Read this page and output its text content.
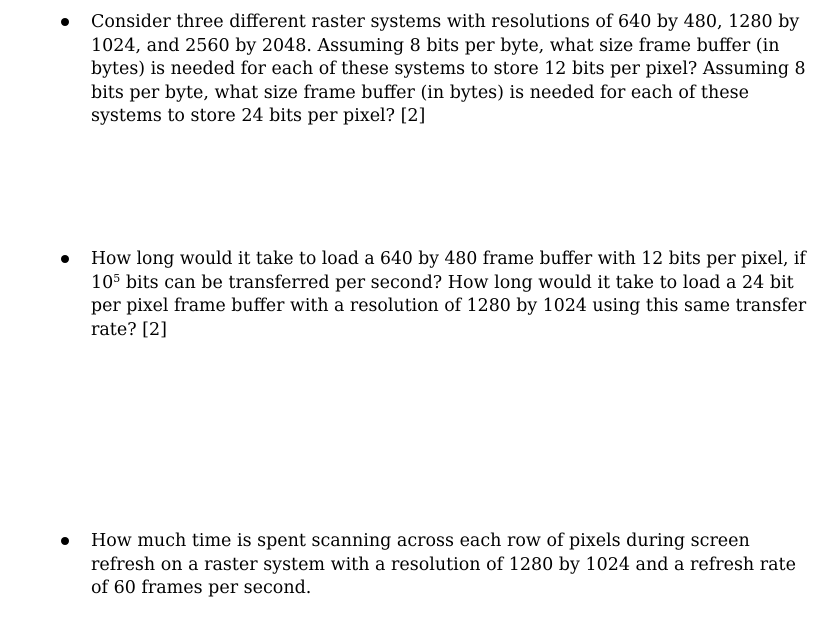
Consider three different raster systems with resolutions of 640 by 480, 1280 by
1024, and 2560 by 2048. Assuming 8 bits per byte, what size frame buffer (in
bytes) is needed for each of these systems to store 12 bits per pixel? Assuming 8
bits per byte, what size frame buffer (in bytes) is needed for each of these
systems to store 24 bits per pixel? [2]
How long would it take to load a 640 by 480 frame buffer with 12 bits per pixel, if
$10^5$ bits can be transferred per second? How long would it take to load a 24 bit
per pixel frame buffer with a resolution of 1280 by 1024 using this same transfer
rate? [2]
How much time is spent scanning across each row of pixels during screen
refresh on a raster system with a resolution of 1280 by 1024 and a refresh rate
of 60 frames per second.
